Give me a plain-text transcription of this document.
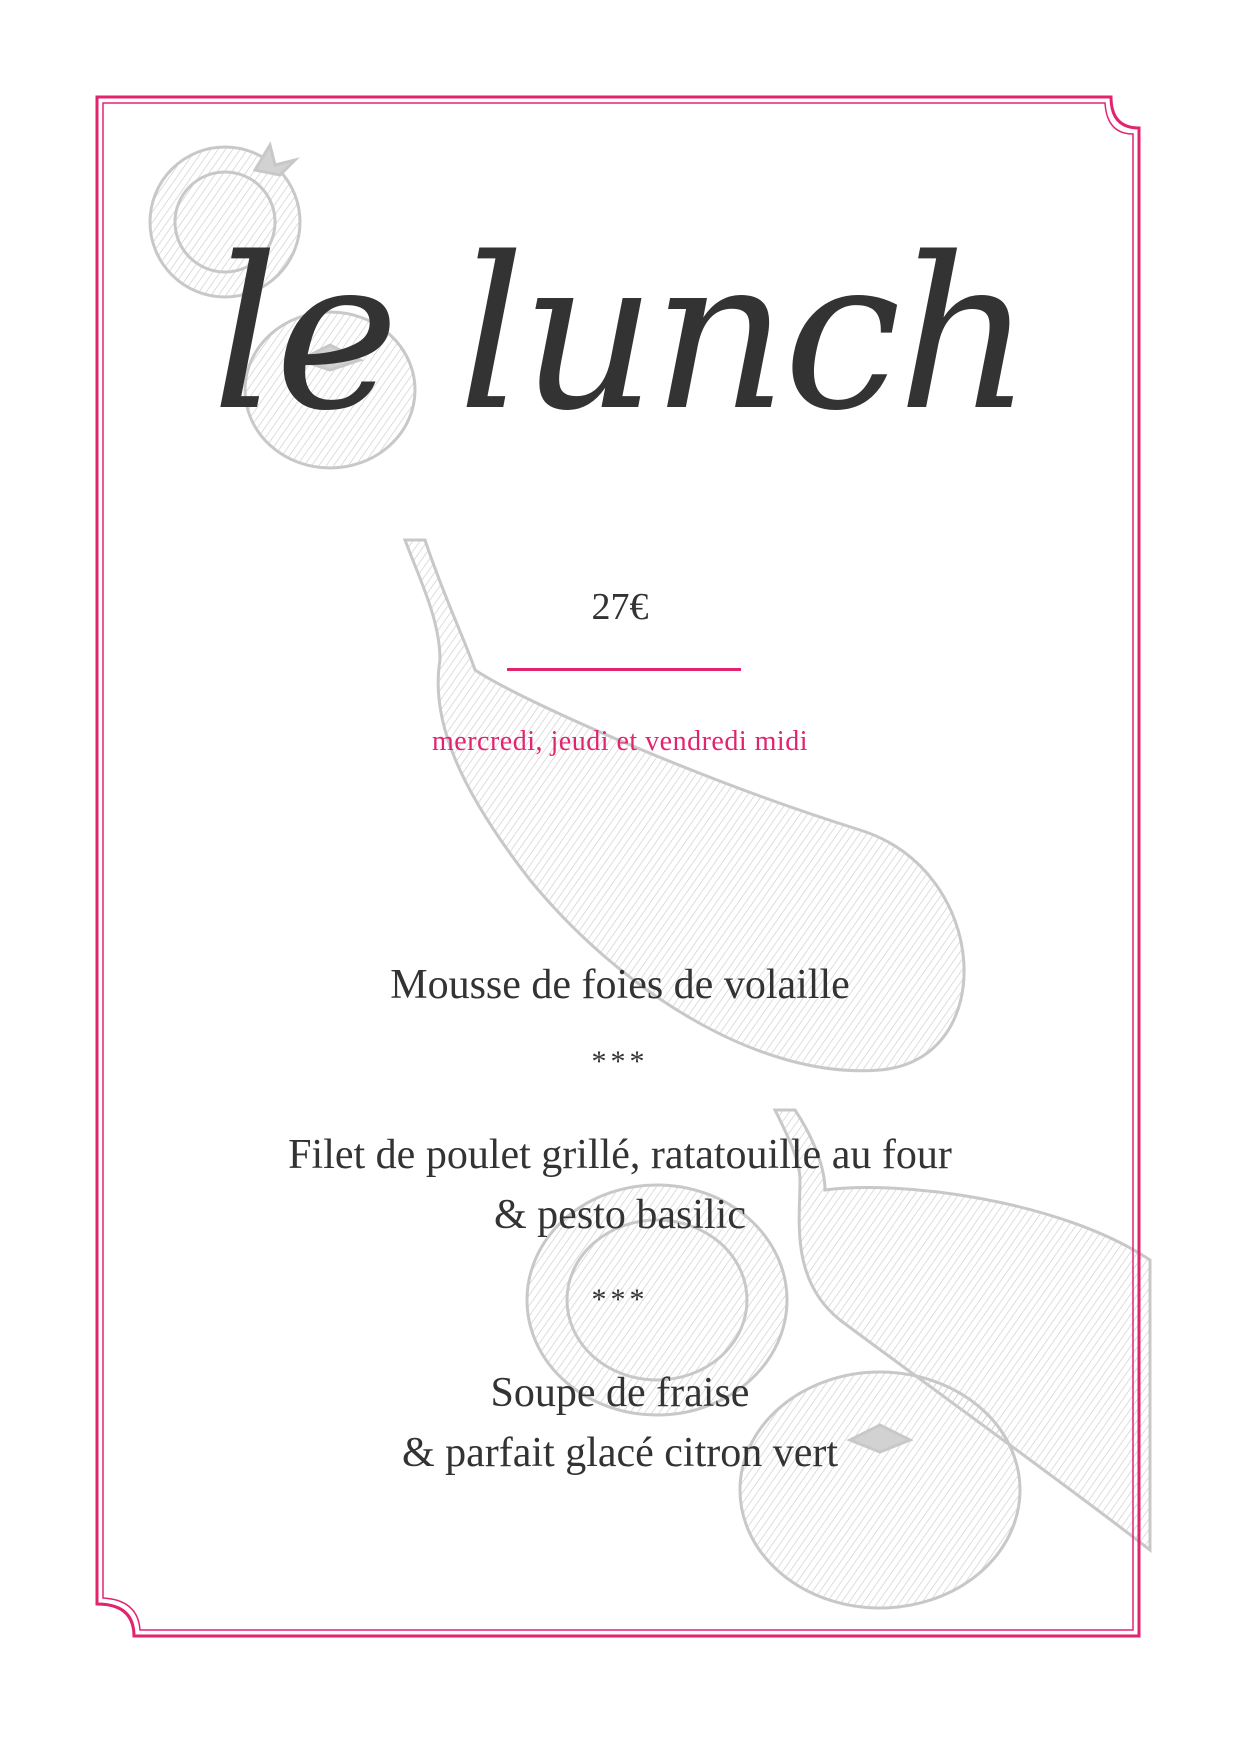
le lunch
27€
mercredi, jeudi et vendredi midi
Mousse de foies de volaille
***
Filet de poulet grillé, ratatouille au four
& pesto basilic
***
Soupe de fraise
& parfait glacé citron vert
